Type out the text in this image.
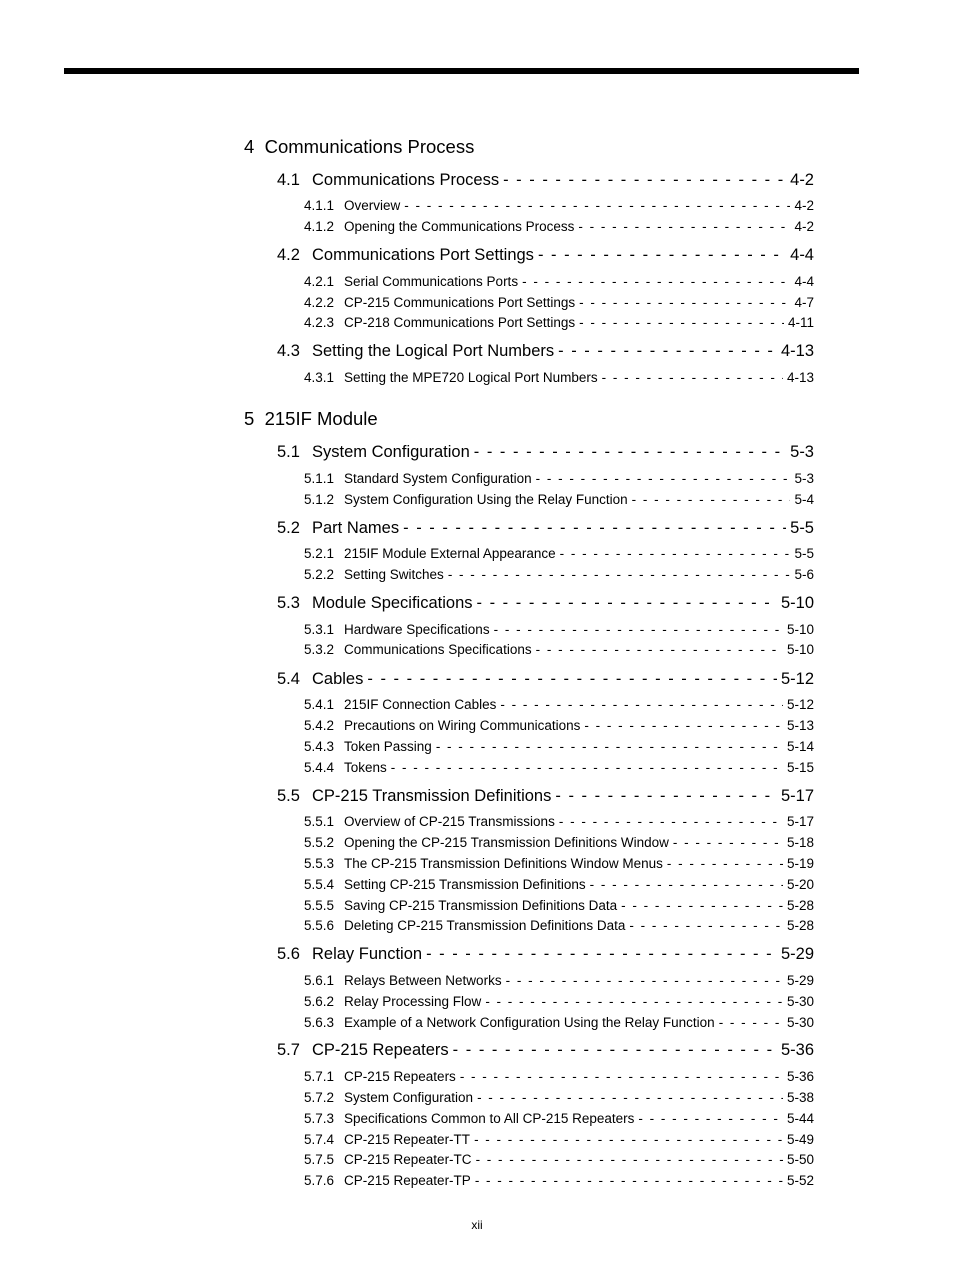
4 Communications Process
4.1 Communications Process - - -	4-2
4.1.1 Overview - - -	4-2
4.1.2 Opening the Communications Process - - -	4-2
4.2 Communications Port Settings - - -	4-4
4.2.1 Serial Communications Ports - - -	4-4
4.2.2 CP-215 Communications Port Settings - - -	4-7
4.2.3 CP-218 Communications Port Settings - - -	4-11
4.3 Setting the Logical Port Numbers - - -	4-13
4.3.1 Setting the MPE720 Logical Port Numbers - - -	4-13
5 215IF Module
5.1 System Configuration - - -	5-3
5.1.1 Standard System Configuration - - -	5-3
5.1.2 System Configuration Using the Relay Function - - -	5-4
5.2 Part Names - - -	5-5
5.2.1 215IF Module External Appearance - - -	5-5
5.2.2 Setting Switches - - -	5-6
5.3 Module Specifications - - -	5-10
5.3.1 Hardware Specifications - - -	5-10
5.3.2 Communications Specifications - - -	5-10
5.4 Cables - - -	5-12
5.4.1 215IF Connection Cables - - -	5-12
5.4.2 Precautions on Wiring Communications - - -	5-13
5.4.3 Token Passing - - -	5-14
5.4.4 Tokens - - -	5-15
5.5 CP-215 Transmission Definitions - - -	5-17
5.5.1 Overview of CP-215 Transmissions - - -	5-17
5.5.2 Opening the CP-215 Transmission Definitions Window - - -	5-18
5.5.3 The CP-215 Transmission Definitions Window Menus - - -	5-19
5.5.4 Setting CP-215 Transmission Definitions - - -	5-20
5.5.5 Saving CP-215 Transmission Definitions Data - - -	5-28
5.5.6 Deleting CP-215 Transmission Definitions Data - - -	5-28
5.6 Relay Function - - -	5-29
5.6.1 Relays Between Networks - - -	5-29
5.6.2 Relay Processing Flow - - -	5-30
5.6.3 Example of a Network Configuration Using the Relay Function - - -	5-30
5.7 CP-215 Repeaters - - -	5-36
5.7.1 CP-215 Repeaters - - -	5-36
5.7.2 System Configuration - - -	5-38
5.7.3 Specifications Common to All CP-215 Repeaters - - -	5-44
5.7.4 CP-215 Repeater-TT - - -	5-49
5.7.5 CP-215 Repeater-TC - - -	5-50
5.7.6 CP-215 Repeater-TP - - -	5-52
xii
